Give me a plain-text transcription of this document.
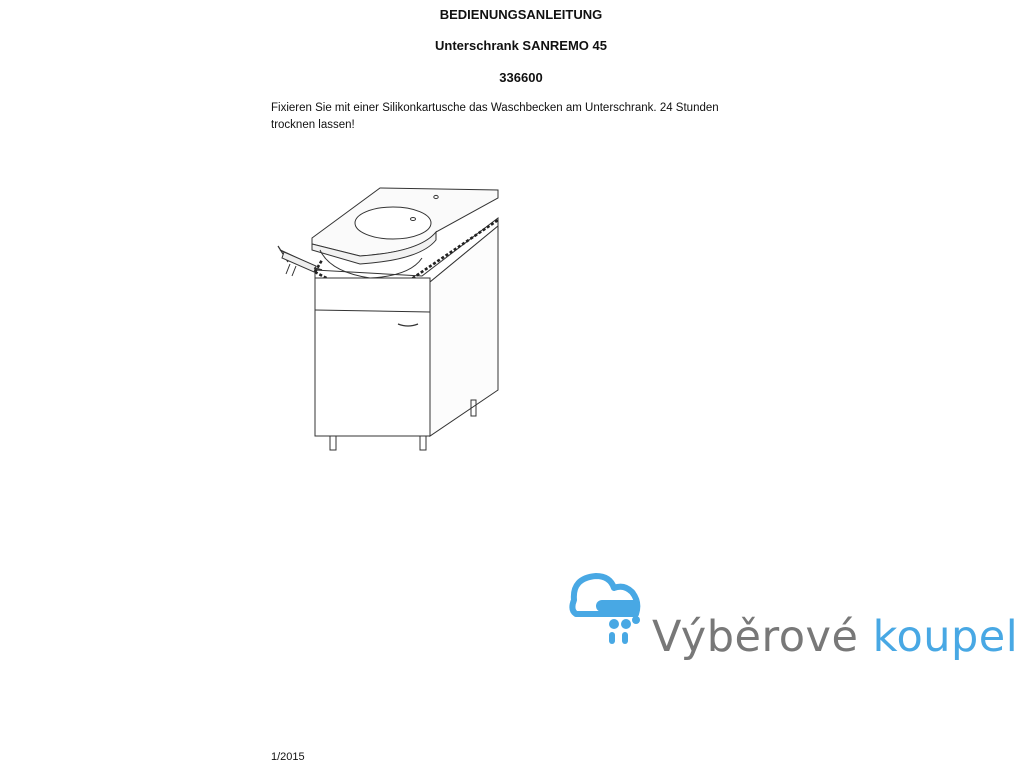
BEDIENUNGSANLEITUNG
Unterschrank SANREMO 45
336600

Fixieren Sie mit einer Silikonkartusche das Waschbecken am Unterschrank. 24 Stunden trocknen lassen!

1/2015
Výběrové koupel
